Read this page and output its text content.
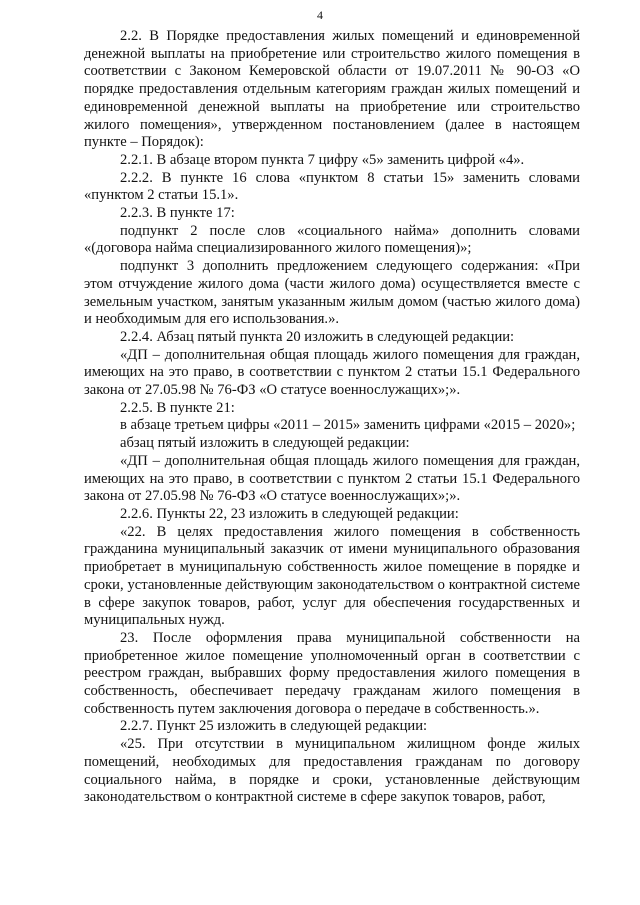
4

2.2. В Порядке предоставления жилых помещений и единовременной денежной выплаты на приобретение или строительство жилого помещения в соответствии с Законом Кемеровской области от 19.07.2011 № 90-ОЗ «О порядке предоставления отдельным категориям граждан жилых помещений и единовременной денежной выплаты на приобретение или строительство жилого помещения», утвержденном постановлением (далее в настоящем пункте – Порядок):

2.2.1. В абзаце втором пункта 7 цифру «5» заменить цифрой «4».

2.2.2. В пункте 16 слова «пунктом 8 статьи 15» заменить словами «пунктом 2 статьи 15.1».

2.2.3. В пункте 17:

подпункт 2 после слов «социального найма» дополнить словами «(договора найма специализированного жилого помещения)»;

подпункт 3 дополнить предложением следующего содержания: «При этом отчуждение жилого дома (части жилого дома) осуществляется вместе с земельным участком, занятым указанным жилым домом (частью жилого дома) и необходимым для его использования.».

2.2.4. Абзац пятый пункта 20 изложить в следующей редакции:

«ДП – дополнительная общая площадь жилого помещения для граждан, имеющих на это право, в соответствии с пунктом 2 статьи 15.1 Федерального закона от 27.05.98 № 76-ФЗ «О статусе военнослужащих»;».

2.2.5. В пункте 21:

в абзаце третьем цифры «2011 – 2015» заменить цифрами «2015 – 2020»;

абзац пятый изложить в следующей редакции:

«ДП – дополнительная общая площадь жилого помещения для граждан, имеющих на это право, в соответствии с пунктом 2 статьи 15.1 Федерального закона от 27.05.98 № 76-ФЗ «О статусе военнослужащих»;».

2.2.6. Пункты 22, 23 изложить в следующей редакции:

«22. В целях предоставления жилого помещения в собственность гражданина муниципальный заказчик от имени муниципального образования приобретает в муниципальную собственность жилое помещение в порядке и сроки, установленные действующим законодательством о контрактной системе в сфере закупок товаров, работ, услуг для обеспечения государственных и муниципальных нужд.

23. После оформления права муниципальной собственности на приобретенное жилое помещение уполномоченный орган в соответствии с реестром граждан, выбравших форму предоставления жилого помещения в собственность, обеспечивает передачу гражданам жилого помещения в собственность путем заключения договора о передаче в собственность.».

2.2.7. Пункт 25 изложить в следующей редакции:

«25. При отсутствии в муниципальном жилищном фонде жилых помещений, необходимых для предоставления гражданам по договору социального найма, в порядке и сроки, установленные действующим законодательством о контрактной системе в сфере закупок товаров, работ,
